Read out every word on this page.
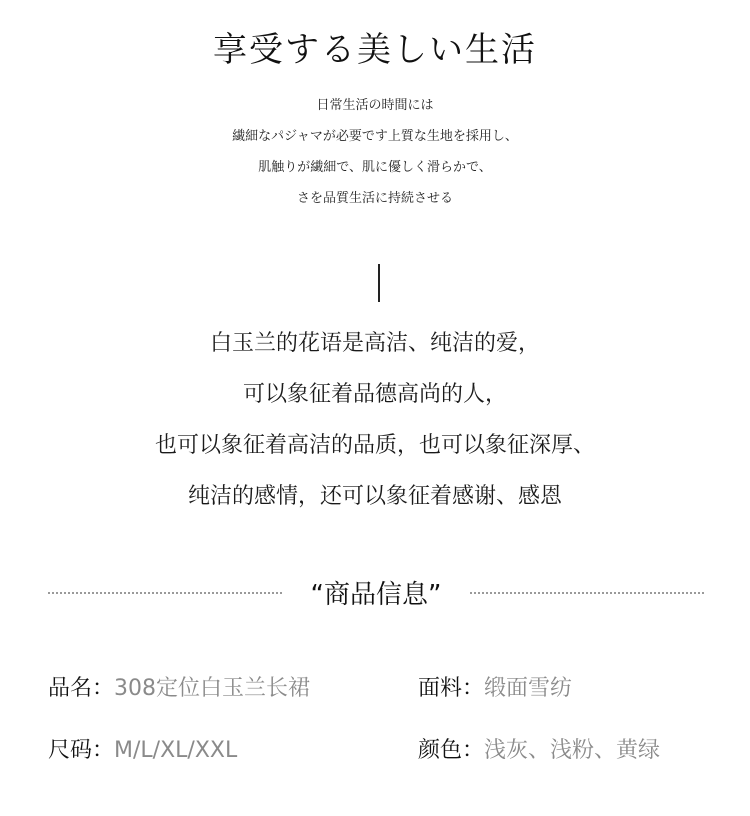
享受する美しい生活
日常生活の時間には
繊細なパジャマが必要です上質な生地を採用し、
肌触りが繊細で、肌に優しく滑らかで、
さを品質生活に持続させる
白玉兰的花语是高洁、纯洁的爱，
可以象征着品德高尚的人，
也可以象征着高洁的品质，也可以象征深厚、
纯洁的感情，还可以象征着感谢、感恩
“商品信息”
品名：308定位白玉兰长裙	面料：缎面雪纺
尺码：M/L/XL/XXL	颜色：浅灰、浅粉、黄绿
